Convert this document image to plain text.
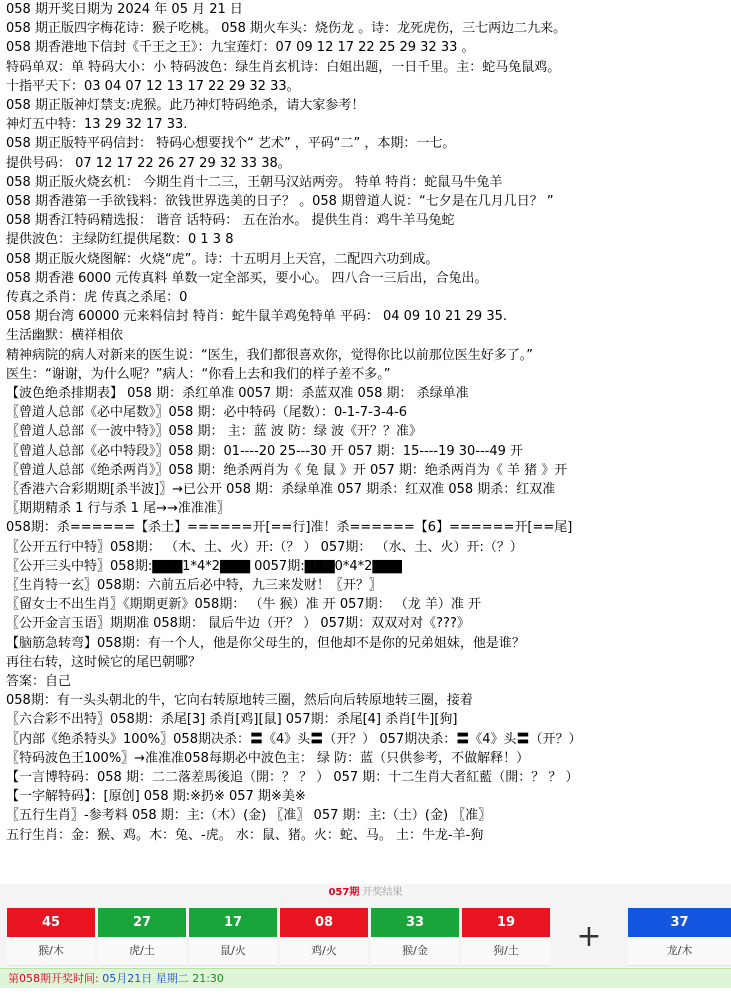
058 期开奖日期为 2024 年 05 月 21 日
058 期正版四字梅花诗：猴子吃桃。 058 期火车头：烧伤龙 。诗：龙死虎伤，三七两边二九来。
058 期香港地下信封《千王之王》：九宝莲灯：07 09 12 17 22 25 29 32 33 。
特码单双：单 特码大小：小 特码波色：绿生肖玄机诗：白姐出题，一日千里。主：蛇马兔鼠鸡。
十指平天下：03 04 07 12 13 17 22 29 32 33。
058 期正版神灯禁支:虎猴。此乃神灯特码绝杀，请大家参考！
神灯五中特：13 29 32 17 33.
058 期正版特平码信封： 特码心想要找个“ 艺术” ，平码“二” ，本期：一七。
提供号码： 07 12 17 22 26 27 29 32 33 38。
058 期正版火烧玄机： 今期生肖十二三，王朝马汉站两旁。 特单 特肖：蛇鼠马牛兔羊
058 期香港第一手欲钱料：欲钱世界选美的日子？ 。058 期曾道人说：“七夕是在几月几日？ ”
058 期香江特码精选报： 谐音 话特码： 五在治水。 提供生肖：鸡牛羊马兔蛇
提供波色：主绿防红提供尾数：0 1 3 8
058 期正版火烧图解：火烧“虎”。诗：十五明月上天宫，二配四六功到成。
058 期香港 6000 元传真料 单数一定全部买，要小心。 四八合一三后出，合兔出。
传真之杀肖：虎 传真之杀尾：0
058 期台湾 60000 元来料信封 特肖：蛇牛鼠羊鸡兔特单 平码： 04 09 10 21 29 35.
生活幽默：横祥相依
精神病院的病人对新来的医生说：“医生，我们都很喜欢你，觉得你比以前那位医生好多了。”
医生：“谢谢，为什么呢？”病人：“你看上去和我们的样子差不多。”
【波色绝杀排期表】 058 期：杀红单准 0057 期：杀蓝双准 058 期： 杀绿单准
〖曾道人总部《必中尾数》〗058 期：必中特码（尾数）：0-1-7-3-4-6
〖曾道人总部《一波中特》〗058 期： 主：蓝 波 防：绿 波《开？？准》
〖曾道人总部《必中特段》〗058 期：01----20 25---30 开 057 期：15----19 30---49 开
〖曾道人总部《绝杀两肖》〗058 期：绝杀两肖为《 兔 鼠 》开 057 期：绝杀两肖为《 羊 猪 》开
〖香港六合彩期期[杀半波]〗→已公开 058 期：杀绿单准 057 期杀：红双准 058 期杀：红双准
〖期期精杀 1 行与杀 1 尾→→准准准〗
058期：杀======【杀土】======开[==行]准！杀======【6】======开[==尾]
〖公开五行中特〗058期： （木、土、火）开:（？ ） 057期： （水、土、火）开:（？）
〖公开三头中特〗058期:▇▇▇1*4*2▇▇▇ 0057期:▇▇▇0*4*2▇▇▇
〖生肖特一玄〗058期：六前五后必中特，九三来发财！〖开？〗
〖留女士不出生肖〗《期期更新》058期： （牛 猴）准 开 057期： （龙 羊）准 开
〖公开金言玉语〗期期准 058期： 鼠后牛边（开？ ） 057期：双双对对《???》
【脑筋急转弯】058期：有一个人，他是你父母生的，但他却不是你的兄弟姐妹，他是谁？
再往右转，这时候它的尾巴朝哪？
答案：自己
058期：有一头头朝北的牛，它向右转原地转三圈，然后向后转原地转三圈，接着
〖六合彩不出特〗058期：杀尾[3] 杀肖[鸡][鼠] 057期：杀尾[4] 杀肖[牛][狗]
〖内部《绝杀特头》100%〗058期决杀：〓《4》头〓（开？） 057期决杀：〓《4》头〓（开？）
〖特码波色王100%〗→准准准058每期必中波色主： 绿 防：蓝（只供参考，不做解释！）
【一言博特码：058 期：二二落差馬後追（開：？ ？ ） 057 期：十二生肖大者紅藍（開：？ ？ ）
【一字解特码】：[原创] 058 期:※扔※ 057 期※美※
〖五行生肖〗-参考料 058 期：主:（木）(金) 〖准〗 057 期：主:（土）(金) 〖准〗
五行生肖：金：猴、鸡。木：兔、-虎。 水：鼠、猪。火：蛇、马。 土：牛龙-羊-狗
057期 开奖结果
45
猴/木
27
虎/土
17
鼠/火
08
鸡/火
33
猴/金
19
狗/土	+	37
龙/木
第058期开奖时间: 05月21日 星期二 21:30
